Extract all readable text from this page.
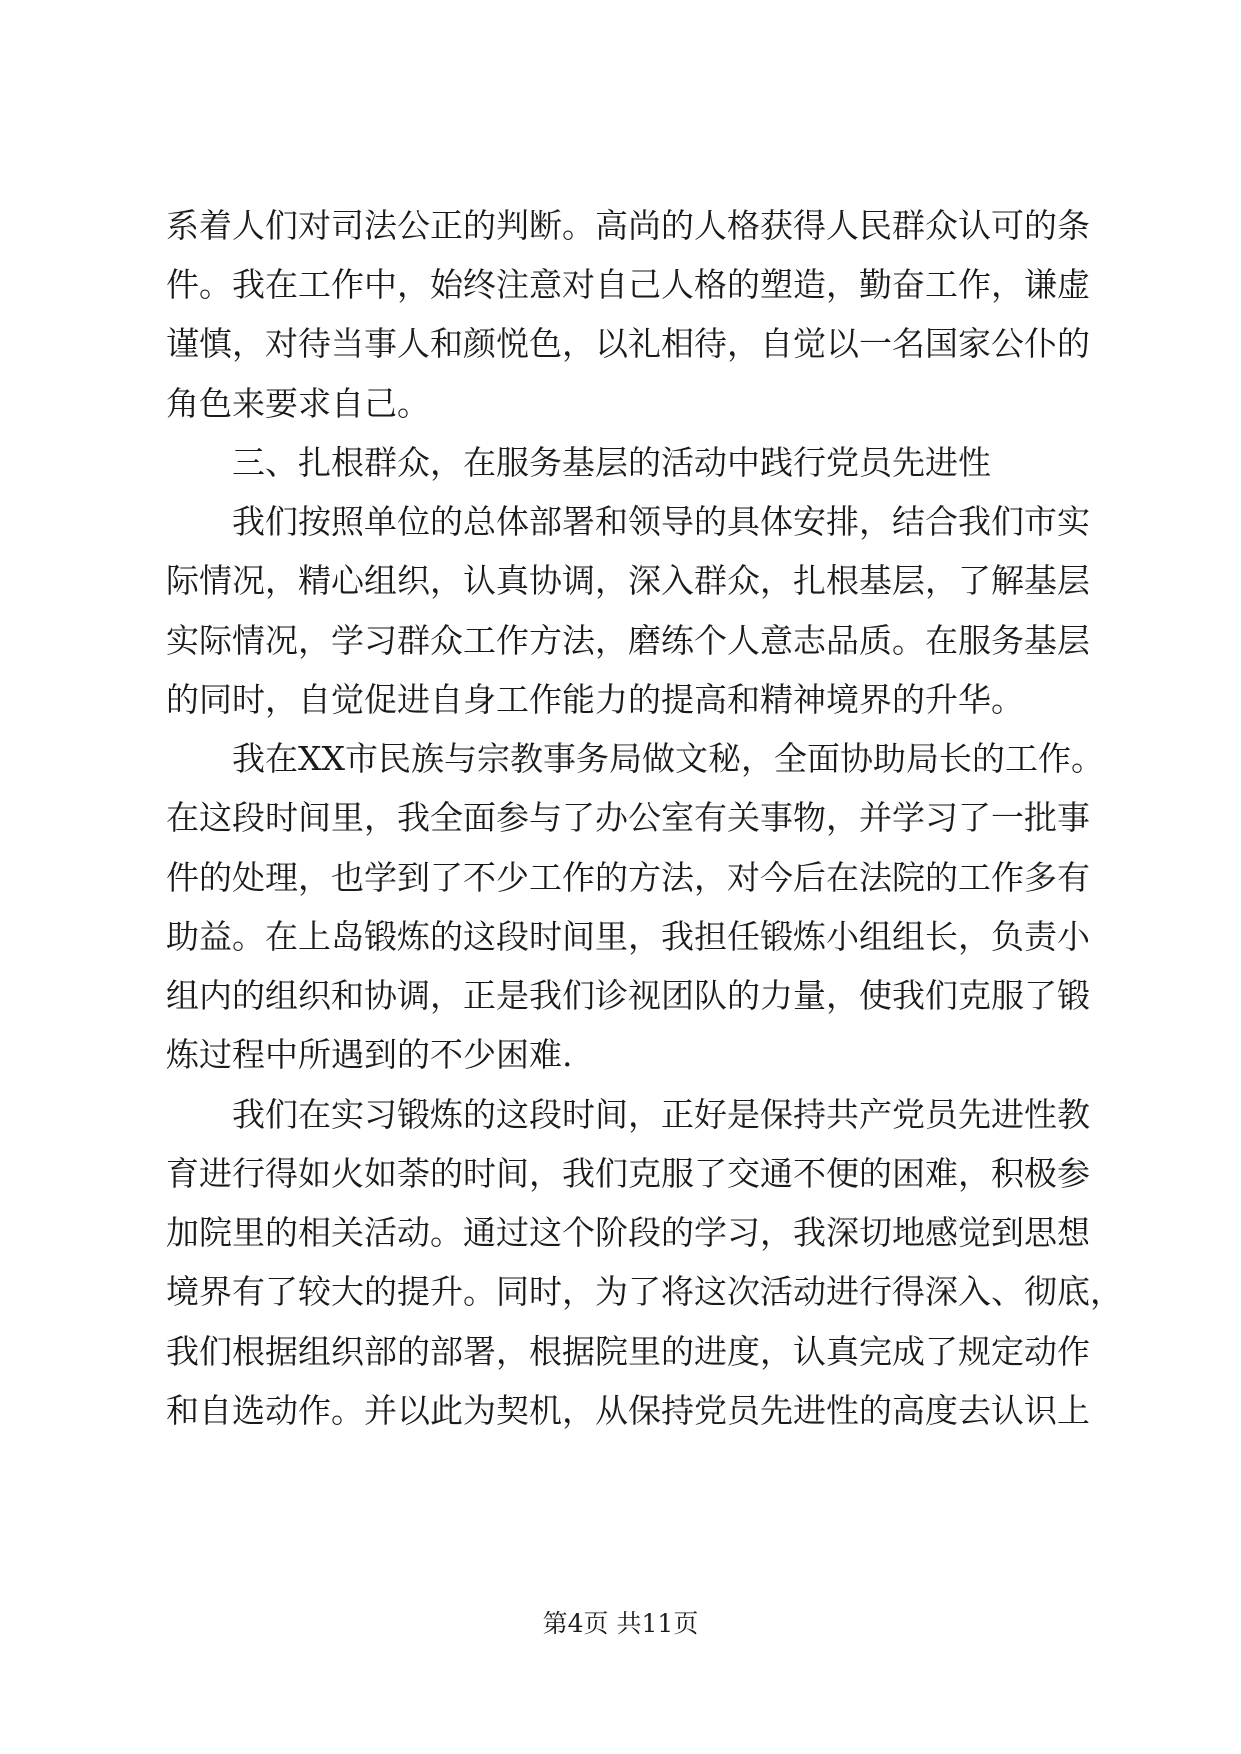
系着人们对司法公正的判断。高尚的人格获得人民群众认可的条
件。我在工作中，始终注意对自己人格的塑造，勤奋工作，谦虚
谨慎，对待当事人和颜悦色，以礼相待，自觉以一名国家公仆的
角色来要求自己。
三、扎根群众，在服务基层的活动中践行党员先进性
我们按照单位的总体部署和领导的具体安排，结合我们市实
际情况，精心组织，认真协调，深入群众，扎根基层，了解基层
实际情况，学习群众工作方法，磨练个人意志品质。在服务基层
的同时，自觉促进自身工作能力的提高和精神境界的升华。
我在XX市民族与宗教事务局做文秘，全面协助局长的工作。
在这段时间里，我全面参与了办公室有关事物，并学习了一批事
件的处理，也学到了不少工作的方法，对今后在法院的工作多有
助益。在上岛锻炼的这段时间里，我担任锻炼小组组长，负责小
组内的组织和协调，正是我们诊视团队的力量，使我们克服了锻
炼过程中所遇到的不少困难.
我们在实习锻炼的这段时间，正好是保持共产党员先进性教
育进行得如火如荼的时间，我们克服了交通不便的困难，积极参
加院里的相关活动。通过这个阶段的学习，我深切地感觉到思想
境界有了较大的提升。同时，为了将这次活动进行得深入、彻底，
我们根据组织部的部署，根据院里的进度，认真完成了规定动作
和自选动作。并以此为契机，从保持党员先进性的高度去认识上
第4页 共11页
